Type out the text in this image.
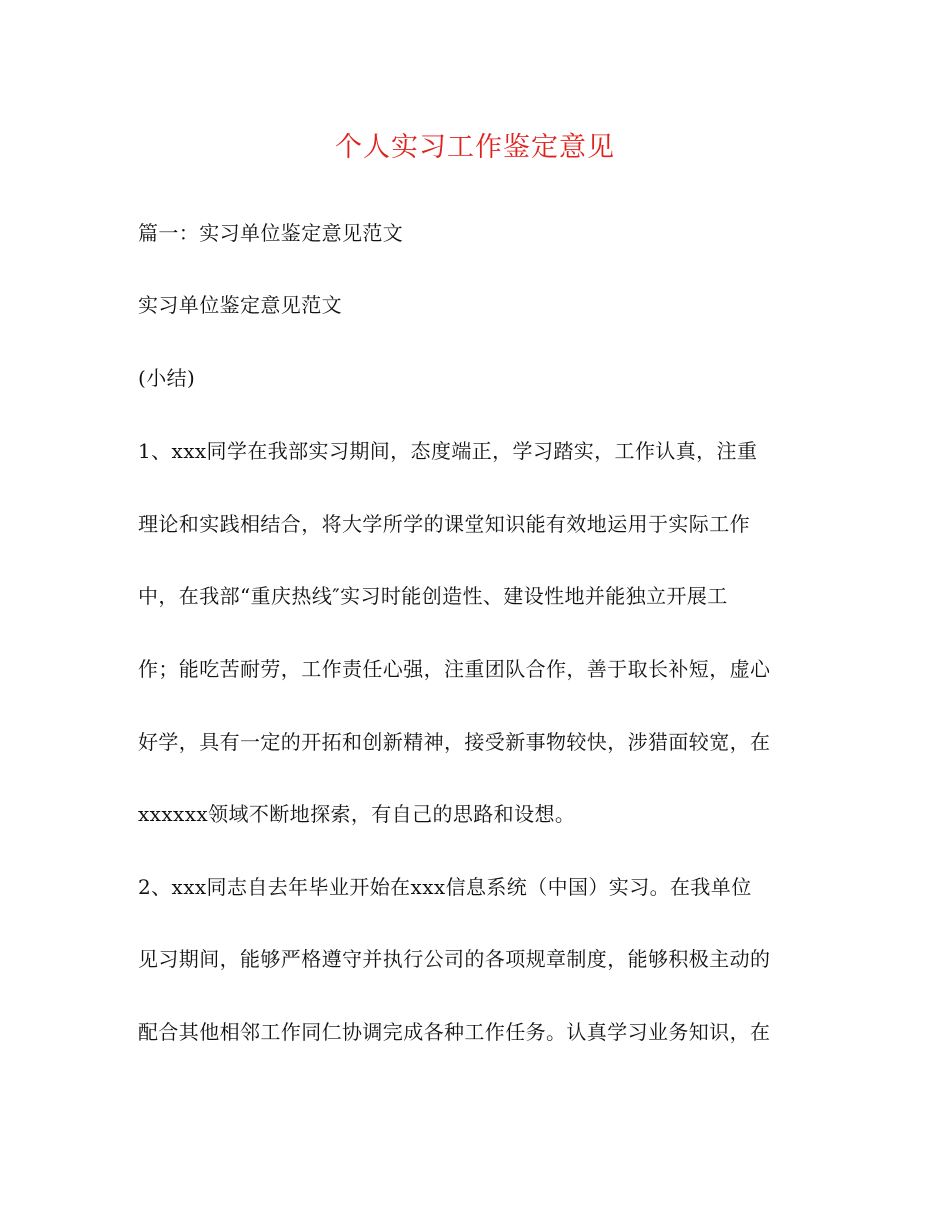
个人实习工作鉴定意见
篇一：实习单位鉴定意见范文
实习单位鉴定意见范文
(小结)
1、xxx同学在我部实习期间，态度端正，学习踏实，工作认真，注重
理论和实践相结合，将大学所学的课堂知识能有效地运用于实际工作
中，在我部“重庆热线″实习时能创造性、建设性地并能独立开展工
作；能吃苦耐劳，工作责任心强，注重团队合作，善于取长补短，虚心
好学，具有一定的开拓和创新精神，接受新事物较快，涉猎面较宽，在
xxxxxx领域不断地探索，有自己的思路和设想。
2、xxx同志自去年毕业开始在xxx信息系统（中国）实习。在我单位
见习期间，能够严格遵守并执行公司的各项规章制度，能够积极主动的
配合其他相邻工作同仁协调完成各种工作任务。认真学习业务知识，在
